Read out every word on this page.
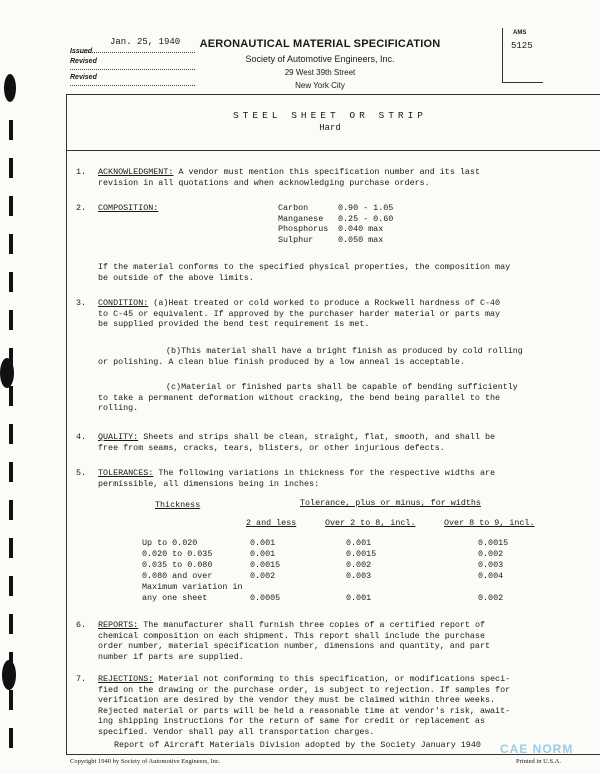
Issued
Jan. 25, 1940
Revised
Revised
AERONAUTICAL MATERIAL SPECIFICATION
Society of Automotive Engineers, Inc.
29 West 39th Street
New York City
AMS
5125
STEEL SHEET OR STRIP
Hard
1. ACKNOWLEDGMENT: A vendor must mention this specification number and its last
revision in all quotations and when acknowledging purchase orders.
2. COMPOSITION:	Carbon	0.90 - 1.05
Manganese 0.25 - 0.60
Phosphorus 0.040 max
Sulphur	0.050 max
If the material conforms to the specified physical properties, the composition may
be outside of the above limits.
3. CONDITION: (a)Heat treated or cold worked to produce a Rockwell hardness of C-40
to C-45 or equivalent. If approved by the purchaser harder material or parts may
be supplied provided the bend test requirement is met.
(b)This material shall have a bright finish as produced by cold rolling
or polishing. A clean blue finish produced by a low anneal is acceptable.
(c)Material or finished parts shall be capable of bending sufficiently
to take a permanent deformation without cracking, the bend being parallel to the
rolling.
4. QUALITY: Sheets and strips shall be clean, straight, flat, smooth, and shall be
free from seams, cracks, tears, blisters, or other injurious defects.
5. TOLERANCES: The following variations in thickness for the respective widths are
permissible, all dimensions being in inches:
Thickness	Tolerance, plus or minus, for widths
2 and less	Over 2 to 8, incl.	Over 8 to 9, incl.
Up to 0.020	0.001	0.001	0.0015
0.020 to 0.035	0.001	0.0015	0.002
0.035 to 0.080	0.0015	0.002	0.003
0.080 and over	0.002	0.003	0.004
Maximum variation in			
any one sheet	0.0005	0.001	0.002
6. REPORTS: The manufacturer shall furnish three copies of a certified report of
chemical composition on each shipment. This report shall include the purchase
order number, material specification number, dimensions and quantity, and part
number if parts are supplied.
7. REJECTIONS: Material not conforming to this specification, or modifications speci-
fied on the drawing or the purchase order, is subject to rejection. If samples for
verification are desired by the vendor they must be claimed within three weeks.
Rejected material or parts will be held a reasonable time at vendor's risk, await-
ing shipping instructions for the return of same for credit or replacement as
specified. Vendor shall pay all transportation charges.
Report of Aircraft Materials Division adopted by the Society January 1940
Copyright 1940 by Society of Automotive Engineers, Inc.	Printed in U.S.A.
CAE NORM
